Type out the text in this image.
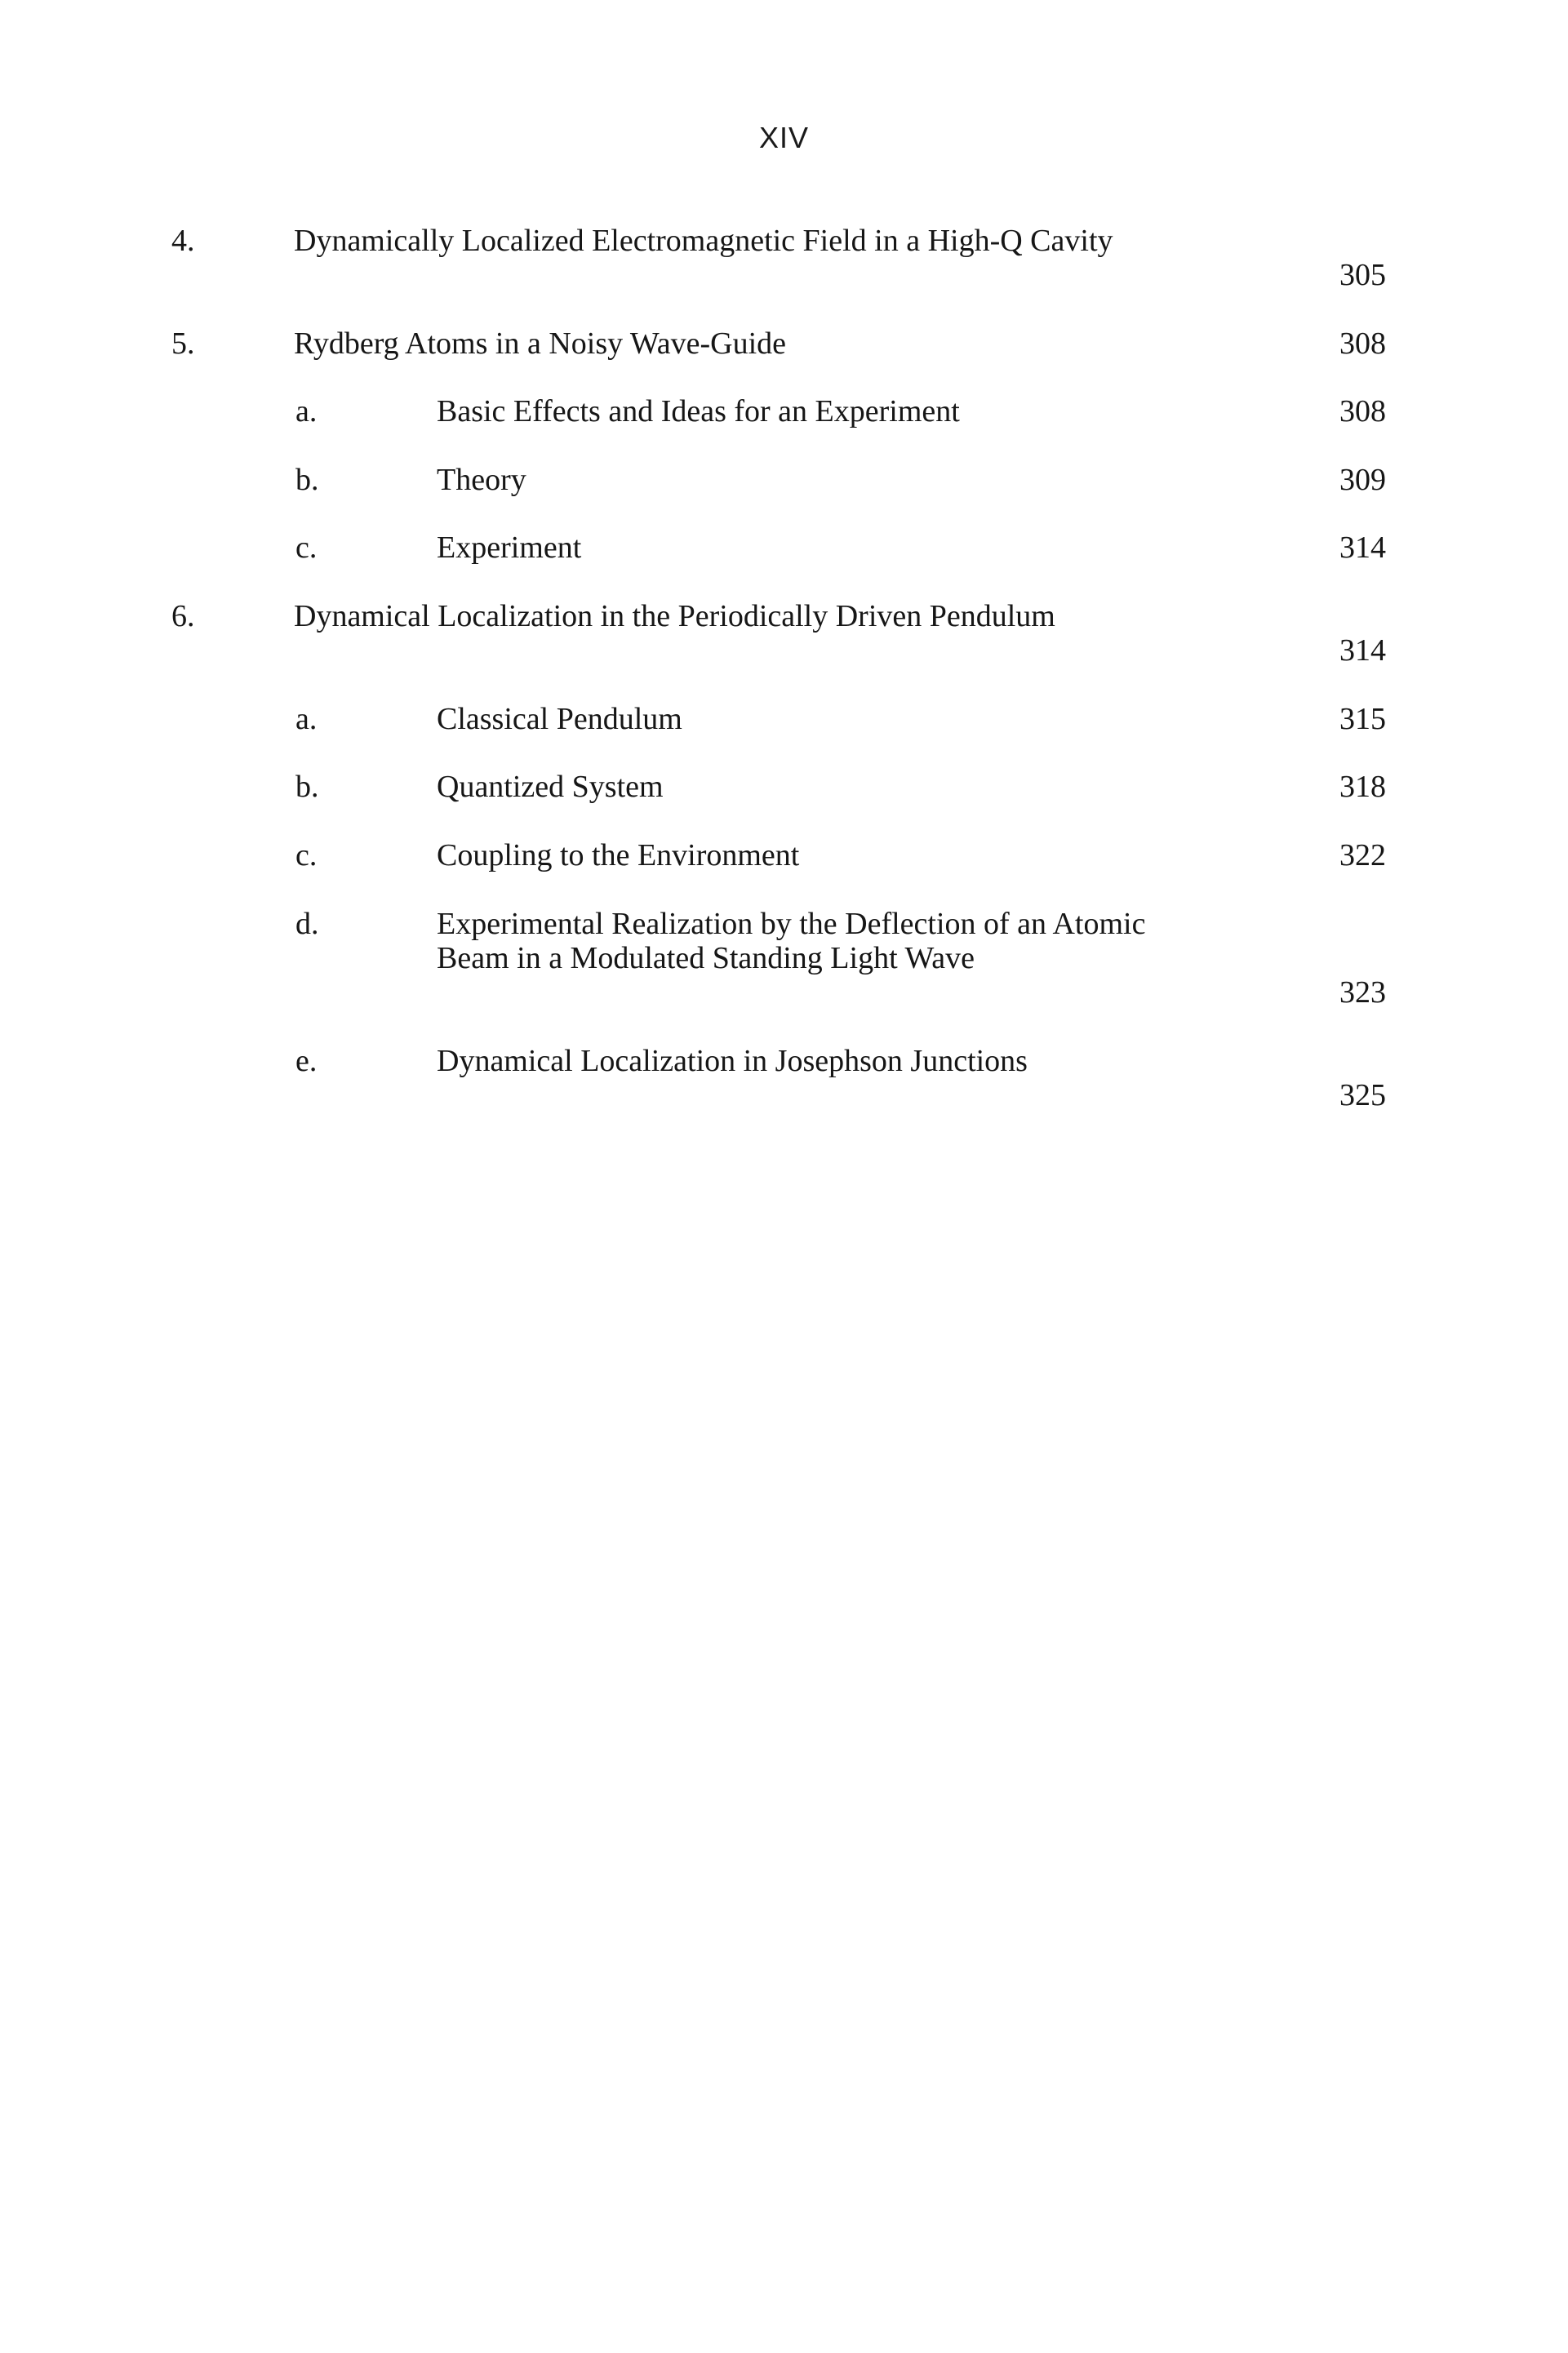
XIV
4.	Dynamically Localized Electromagnetic Field in a High-Q Cavity
305
5.	Rydberg Atoms in a Noisy Wave-Guide	308
a.	Basic Effects and Ideas for an Experiment	308
b.	Theory	309
c.	Experiment	314
6.	Dynamical Localization in the Periodically Driven Pendulum
314
a.	Classical Pendulum	315
b.	Quantized System	318
c.	Coupling to the Environment	322
d.	Experimental Realization by the Deflection of an Atomic Beam in a Modulated Standing Light Wave
323
e.	Dynamical Localization in Josephson Junctions
325
